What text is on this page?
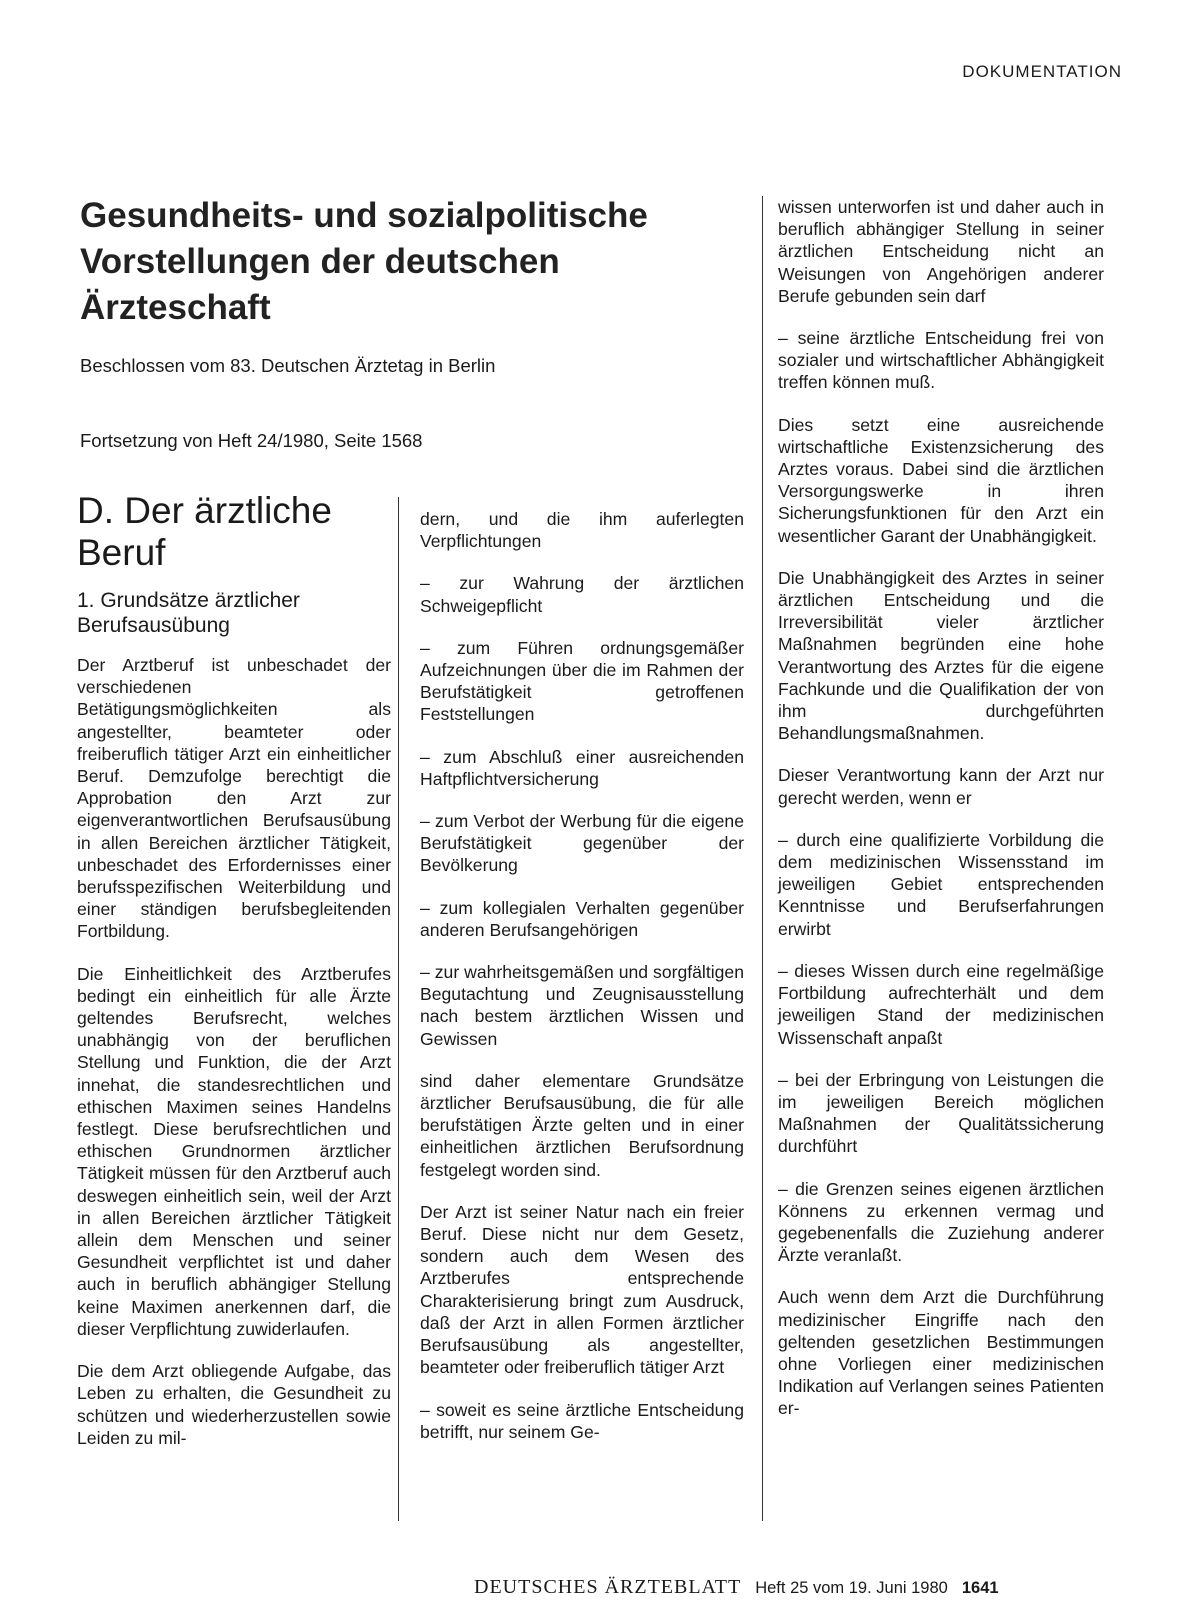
DOKUMENTATION
Gesundheits- und sozialpolitische Vorstellungen der deutschen Ärzteschaft
Beschlossen vom 83. Deutschen Ärztetag in Berlin
Fortsetzung von Heft 24/1980, Seite 1568
D. Der ärztliche Beruf
1. Grundsätze ärztlicher Berufsausübung

Der Arztberuf ist unbeschadet der verschiedenen Betätigungsmöglichkeiten als angestellter, beamteter oder freiberuflich tätiger Arzt ein einheitlicher Beruf. Demzufolge berechtigt die Approbation den Arzt zur eigenverantwortlichen Berufsausübung in allen Bereichen ärztlicher Tätigkeit, unbeschadet des Erfordernisses einer berufsspezifischen Weiterbildung und einer ständigen berufsbegleitenden Fortbildung.

Die Einheitlichkeit des Arztberufes bedingt ein einheitlich für alle Ärzte geltendes Berufsrecht, welches unabhängig von der beruflichen Stellung und Funktion, die der Arzt innehat, die standesrechtlichen und ethischen Maximen seines Handelns festlegt. Diese berufsrechtlichen und ethischen Grundnormen ärztlicher Tätigkeit müssen für den Arztberuf auch deswegen einheitlich sein, weil der Arzt in allen Bereichen ärztlicher Tätigkeit allein dem Menschen und seiner Gesundheit verpflichtet ist und daher auch in beruflich abhängiger Stellung keine Maximen anerkennen darf, die dieser Verpflichtung zuwiderlaufen.

Die dem Arzt obliegende Aufgabe, das Leben zu erhalten, die Gesundheit zu schützen und wiederherzustellen sowie Leiden zu mil-

dern, und die ihm auferlegten Verpflichtungen

– zur Wahrung der ärztlichen Schweigepflicht

– zum Führen ordnungsgemäßer Aufzeichnungen über die im Rahmen der Berufstätigkeit getroffenen Feststellungen

– zum Abschluß einer ausreichenden Haftpflichtversicherung

– zum Verbot der Werbung für die eigene Berufstätigkeit gegenüber der Bevölkerung

– zum kollegialen Verhalten gegenüber anderen Berufsangehörigen

– zur wahrheitsgemäßen und sorgfältigen Begutachtung und Zeugnisausstellung nach bestem ärztlichen Wissen und Gewissen

sind daher elementare Grundsätze ärztlicher Berufsausübung, die für alle berufstätigen Ärzte gelten und in einer einheitlichen ärztlichen Berufsordnung festgelegt worden sind.

Der Arzt ist seiner Natur nach ein freier Beruf. Diese nicht nur dem Gesetz, sondern auch dem Wesen des Arztberufes entsprechende Charakterisierung bringt zum Ausdruck, daß der Arzt in allen Formen ärztlicher Berufsausübung als angestellter, beamteter oder freiberuflich tätiger Arzt

– soweit es seine ärztliche Entscheidung betrifft, nur seinem Ge-

wissen unterworfen ist und daher auch in beruflich abhängiger Stellung in seiner ärztlichen Entscheidung nicht an Weisungen von Angehörigen anderer Berufe gebunden sein darf

– seine ärztliche Entscheidung frei von sozialer und wirtschaftlicher Abhängigkeit treffen können muß.

Dies setzt eine ausreichende wirtschaftliche Existenzsicherung des Arztes voraus. Dabei sind die ärztlichen Versorgungswerke in ihren Sicherungsfunktionen für den Arzt ein wesentlicher Garant der Unabhängigkeit.

Die Unabhängigkeit des Arztes in seiner ärztlichen Entscheidung und die Irreversibilität vieler ärztlicher Maßnahmen begründen eine hohe Verantwortung des Arztes für die eigene Fachkunde und die Qualifikation der von ihm durchgeführten Behandlungsmaßnahmen.

Dieser Verantwortung kann der Arzt nur gerecht werden, wenn er

– durch eine qualifizierte Vorbildung die dem medizinischen Wissensstand im jeweiligen Gebiet entsprechenden Kenntnisse und Berufserfahrungen erwirbt

– dieses Wissen durch eine regelmäßige Fortbildung aufrechterhält und dem jeweiligen Stand der medizinischen Wissenschaft anpaßt

– bei der Erbringung von Leistungen die im jeweiligen Bereich möglichen Maßnahmen der Qualitätssicherung durchführt

– die Grenzen seines eigenen ärztlichen Könnens zu erkennen vermag und gegebenenfalls die Zuziehung anderer Ärzte veranlaßt.

Auch wenn dem Arzt die Durchführung medizinischer Eingriffe nach den geltenden gesetzlichen Bestimmungen ohne Vorliegen einer medizinischen Indikation auf Verlangen seines Patienten er-

DEUTSCHES ÄRZTEBLATT Heft 25 vom 19. Juni 1980 1641
